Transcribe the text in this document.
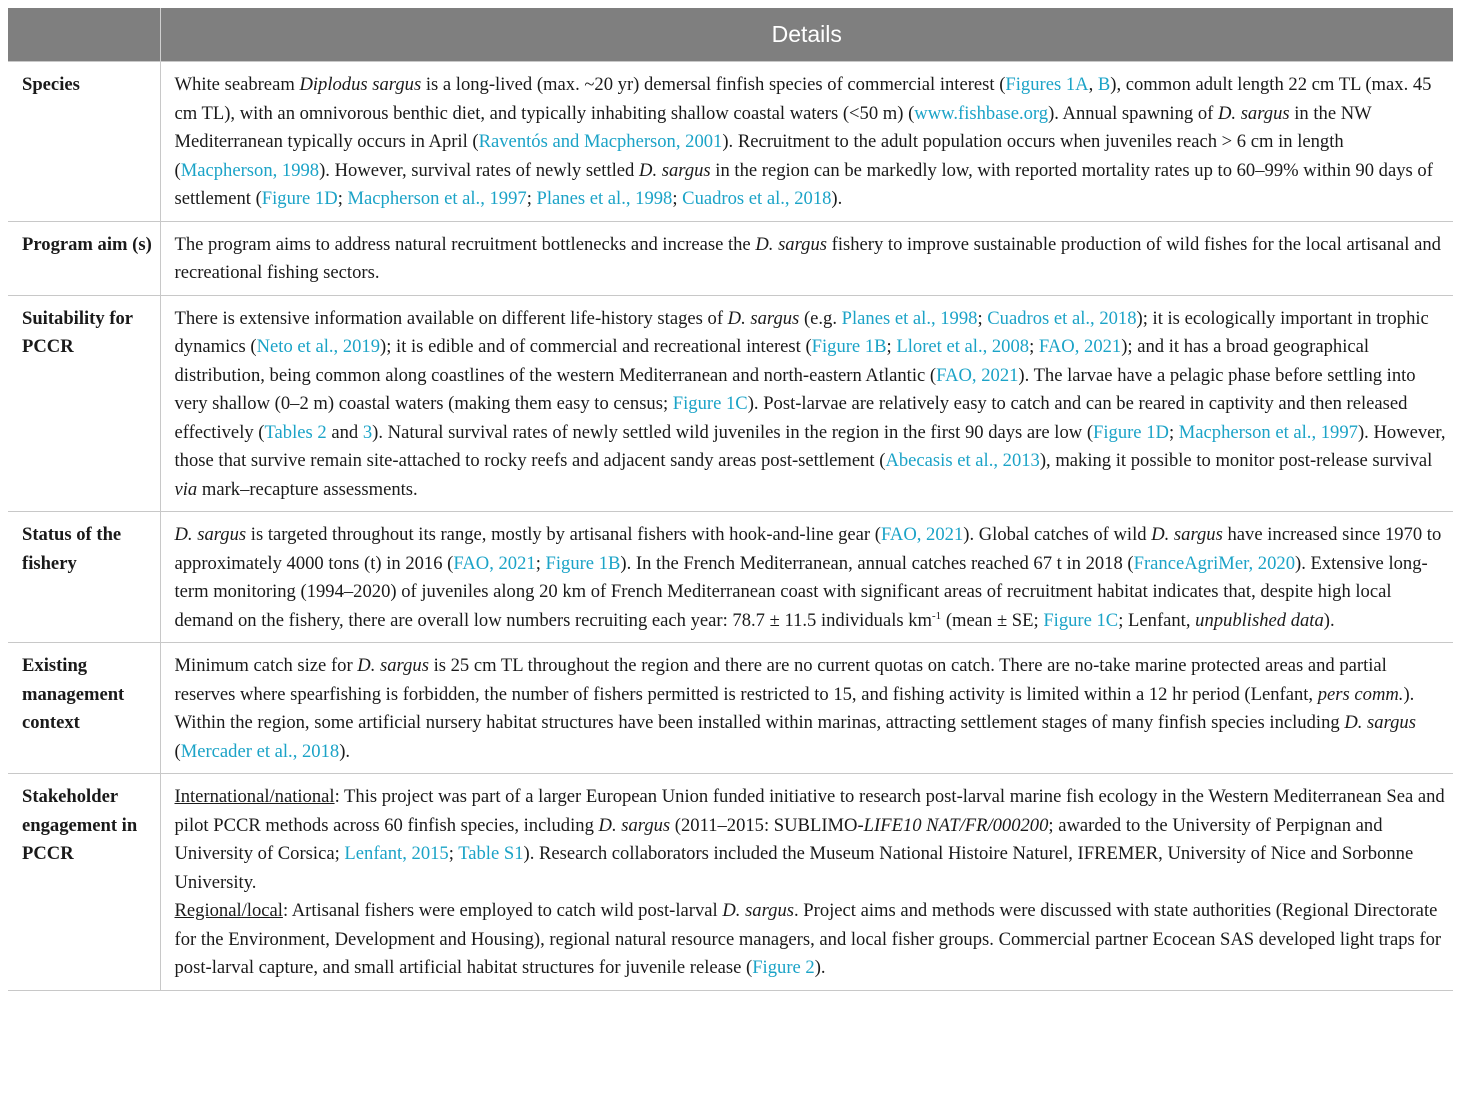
	Details
Species	White seabream Diplodus sargus is a long-lived (max. ~20 yr) demersal finfish species of commercial interest (Figures 1A, B), common adult length 22 cm TL (max. 45 cm TL), with an omnivorous benthic diet, and typically inhabiting shallow coastal waters (<50 m) (www.fishbase.org). Annual spawning of D. sargus in the NW Mediterranean typically occurs in April (Raventós and Macpherson, 2001). Recruitment to the adult population occurs when juveniles reach > 6 cm in length (Macpherson, 1998). However, survival rates of newly settled D. sargus in the region can be markedly low, with reported mortality rates up to 60–99% within 90 days of settlement (Figure 1D; Macpherson et al., 1997; Planes et al., 1998; Cuadros et al., 2018).
Program aim (s)	The program aims to address natural recruitment bottlenecks and increase the D. sargus fishery to improve sustainable production of wild fishes for the local artisanal and recreational fishing sectors.
Suitability for PCCR	There is extensive information available on different life-history stages of D. sargus (e.g. Planes et al., 1998; Cuadros et al., 2018); it is ecologically important in trophic dynamics (Neto et al., 2019); it is edible and of commercial and recreational interest (Figure 1B; Lloret et al., 2008; FAO, 2021); and it has a broad geographical distribution, being common along coastlines of the western Mediterranean and north-eastern Atlantic (FAO, 2021). The larvae have a pelagic phase before settling into very shallow (0–2 m) coastal waters (making them easy to census; Figure 1C). Post-larvae are relatively easy to catch and can be reared in captivity and then released effectively (Tables 2 and 3). Natural survival rates of newly settled wild juveniles in the region in the first 90 days are low (Figure 1D; Macpherson et al., 1997). However, those that survive remain site-attached to rocky reefs and adjacent sandy areas post-settlement (Abecasis et al., 2013), making it possible to monitor post-release survival via mark–recapture assessments.
Status of the fishery	D. sargus is targeted throughout its range, mostly by artisanal fishers with hook-and-line gear (FAO, 2021). Global catches of wild D. sargus have increased since 1970 to approximately 4000 tons (t) in 2016 (FAO, 2021; Figure 1B). In the French Mediterranean, annual catches reached 67 t in 2018 (FranceAgriMer, 2020). Extensive long-term monitoring (1994–2020) of juveniles along 20 km of French Mediterranean coast with significant areas of recruitment habitat indicates that, despite high local demand on the fishery, there are overall low numbers recruiting each year: 78.7 ± 11.5 individuals $km^{-1}$ (mean ± SE; Figure 1C; Lenfant, unpublished data).
Existing management context	Minimum catch size for D. sargus is 25 cm TL throughout the region and there are no current quotas on catch. There are no-take marine protected areas and partial reserves where spearfishing is forbidden, the number of fishers permitted is restricted to 15, and fishing activity is limited within a 12 hr period (Lenfant, pers comm.). Within the region, some artificial nursery habitat structures have been installed within marinas, attracting settlement stages of many finfish species including D. sargus (Mercader et al., 2018).
Stakeholder engagement in PCCR	International/national: This project was part of a larger European Union funded initiative to research post-larval marine fish ecology in the Western Mediterranean Sea and pilot PCCR methods across 60 finfish species, including D. sargus (2011–2015: SUBLIMO-LIFE10 NAT/FR/000200; awarded to the University of Perpignan and University of Corsica; Lenfant, 2015; Table S1). Research collaborators included the Museum National Histoire Naturel, IFREMER, University of Nice and Sorbonne University.
Regional/local: Artisanal fishers were employed to catch wild post-larval D. sargus. Project aims and methods were discussed with state authorities (Regional Directorate for the Environment, Development and Housing), regional natural resource managers, and local fisher groups. Commercial partner Ecocean SAS developed light traps for post-larval capture, and small artificial habitat structures for juvenile release (Figure 2).
